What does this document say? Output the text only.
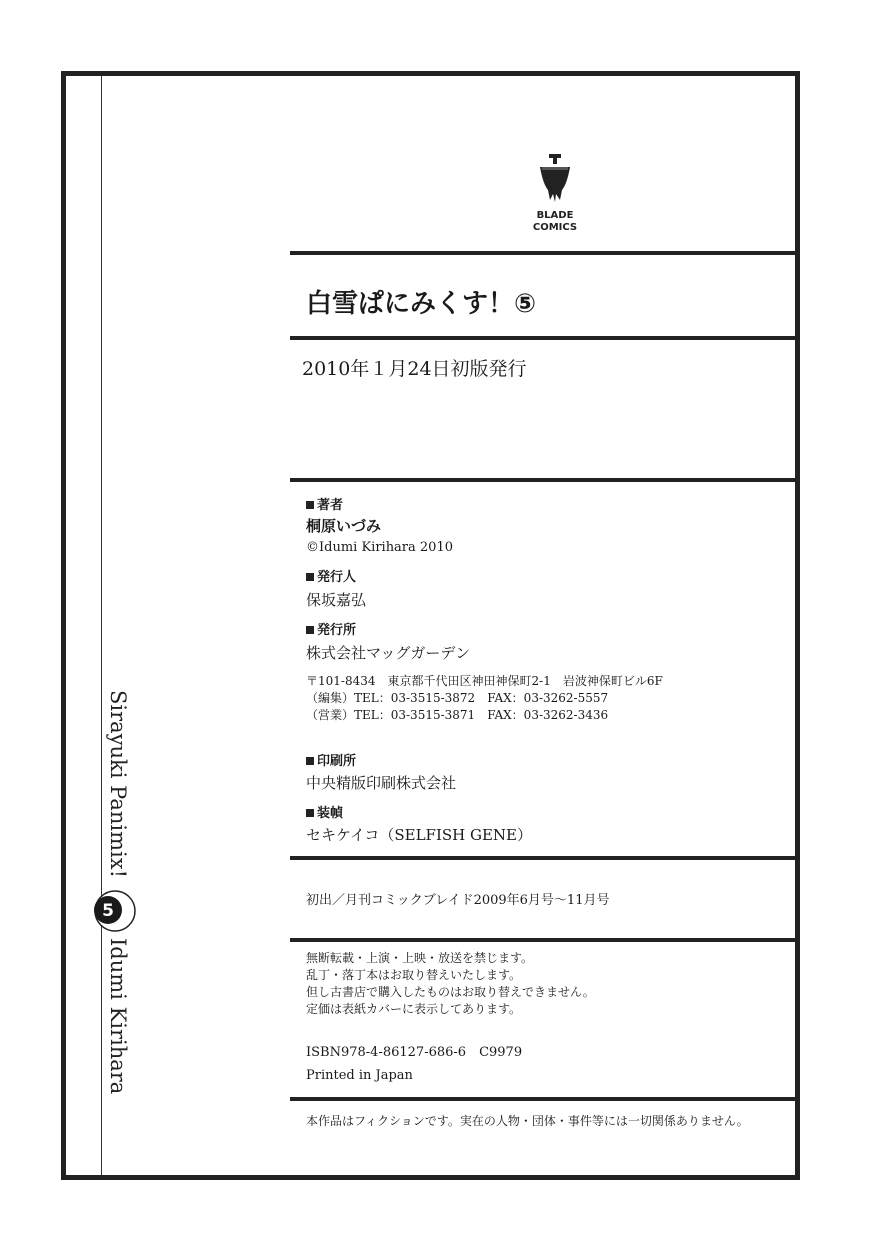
Sirayuki Panimix!
5
Idumi Kirihara
BLADE
COMICS
白雪ぱにみくす！⑤
2010年１月24日初版発行
著者
桐原いづみ
©Idumi Kirihara 2010
発行人
保坂嘉弘
発行所
株式会社マッグガーデン
〒101-8434　東京都千代田区神田神保町2-1　岩波神保町ビル6F
（編集）TEL：03-3515-3872　FAX：03-3262-5557
（営業）TEL：03-3515-3871　FAX：03-3262-3436
印刷所
中央精版印刷株式会社
装幀
セキケイコ（SELFISH GENE）
初出／月刊コミックブレイド2009年6月号～11月号
無断転載・上演・上映・放送を禁じます。
乱丁・落丁本はお取り替えいたします。
但し古書店で購入したものはお取り替えできません。
定価は表紙カバーに表示してあります。
ISBN978-4-86127-686-6　C9979
Printed in Japan
本作品はフィクションです。実在の人物・団体・事件等には一切関係ありません。
